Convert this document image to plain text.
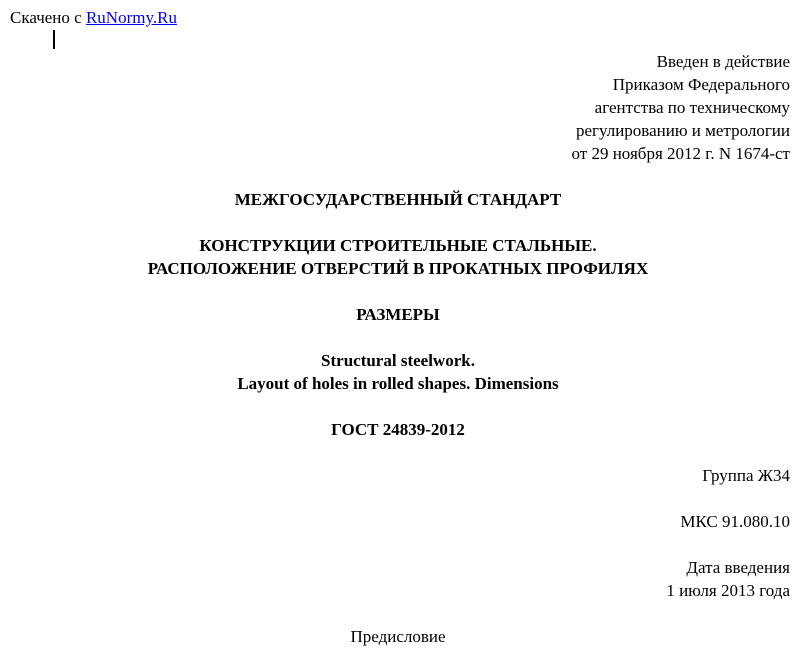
Скачено с RuNormy.Ru
Введен в действие
Приказом Федерального
агентства по техническому
регулированию и метрологии
от 29 ноября 2012 г. N 1674-ст
МЕЖГОСУДАРСТВЕННЫЙ СТАНДАРТ
КОНСТРУКЦИИ СТРОИТЕЛЬНЫЕ СТАЛЬНЫЕ.
РАСПОЛОЖЕНИЕ ОТВЕРСТИЙ В ПРОКАТНЫХ ПРОФИЛЯХ
РАЗМЕРЫ
Structural steelwork.
Layout of holes in rolled shapes. Dimensions
ГОСТ 24839-2012
Группа Ж34
МКС 91.080.10
Дата введения
1 июля 2013 года
Предисловие
